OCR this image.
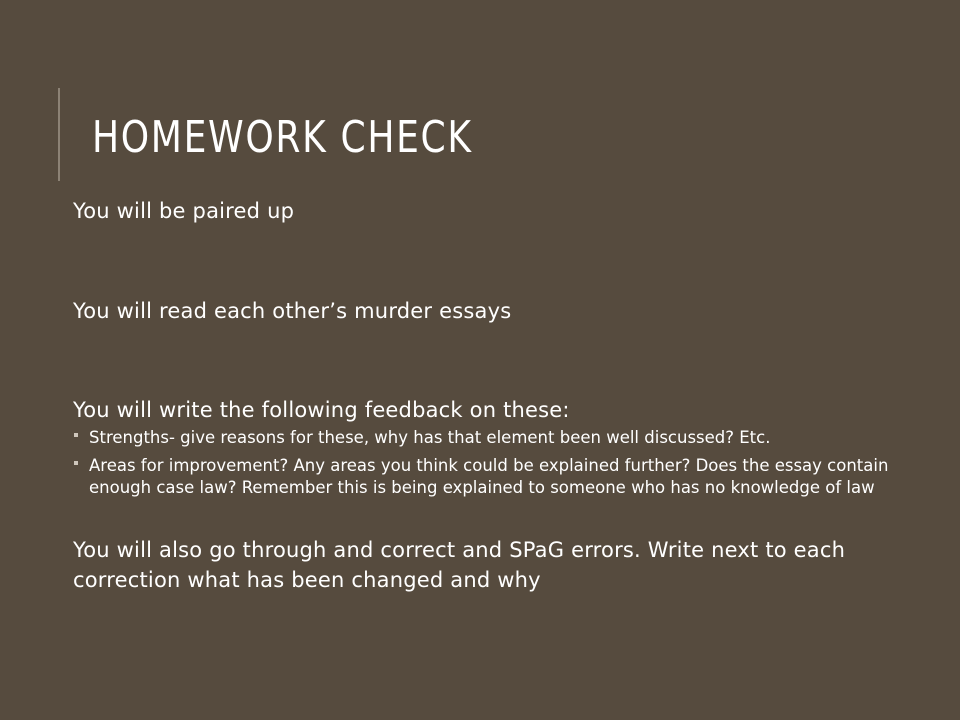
HOMEWORK CHECK

You will be paired up

You will read each other’s murder essays

You will write the following feedback on these:

Strengths- give reasons for these, why has that element been well discussed? Etc.
Areas for improvement? Any areas you think could be explained further? Does the essay contain enough case law? Remember this is being explained to someone who has no knowledge of law

You will also go through and correct and SPaG errors. Write next to each correction what has been changed and why
